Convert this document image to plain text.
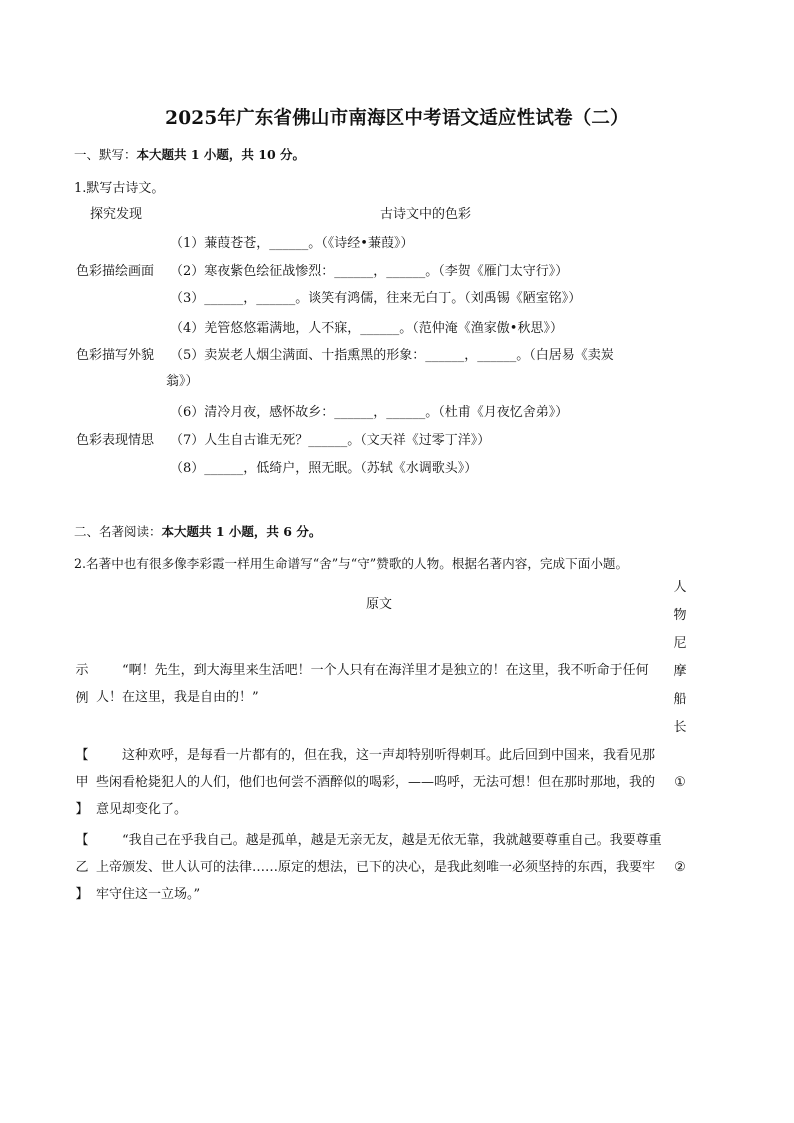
2025年广东省佛山市南海区中考语文适应性试卷（二）
一、默写：本大题共 1 小题，共 10 分。
1.默写古诗文。
探究发现	古诗文中的色彩
（1）蒹葭苍苍，______。（《诗经•蒹葭》）
色彩描绘画面 （2）寒夜紫色绘征战惨烈：______，______。（李贺《雁门太守行》）
（3）______，______。谈笑有鸿儒，往来无白丁。（刘禹锡《陋室铭》）
（4）羌管悠悠霜满地，人不寐，______。（范仲淹《渔家傲•秋思》）
色彩描写外貌 （5）卖炭老人烟尘满面、十指熏黑的形象：______，______。（白居易《卖炭
翁》）
（6）清冷月夜，感怀故乡：______，______。（杜甫《月夜忆舍弟》）
色彩表现情思 （7）人生自古谁无死？______。（文天祥《过零丁洋》）
（8）______，低绮户，照无眠。（苏轼《水调歌头》）
二、名著阅读：本大题共 1 小题，共 6 分。
2.名著中也有很多像李彩霞一样用生命谱写“舍”与“守”赞歌的人物。根据名著内容，完成下面小题。
原文
人
物
示
例
“啊！先生，到大海里来生活吧！一个人只有在海洋里才是独立的！在这里，我不听命于任何人！在这里，我是自由的！”
尼
摩
船
长
【
甲
】
这种欢呼，是每看一片都有的，但在我，这一声却特别听得刺耳。此后回到中国来，我看见那些闲看枪毙犯人的人们，他们也何尝不酒醉似的喝彩，——呜呼，无法可想！但在那时那地，我的意见却变化了。
①
【
乙
】
“我自己在乎我自己。越是孤单，越是无亲无友，越是无依无靠，我就越要尊重自己。我要尊重上帝颁发、世人认可的法律……原定的想法，已下的决心，是我此刻唯一必须坚持的东西，我要牢牢守住这一立场。”
②
